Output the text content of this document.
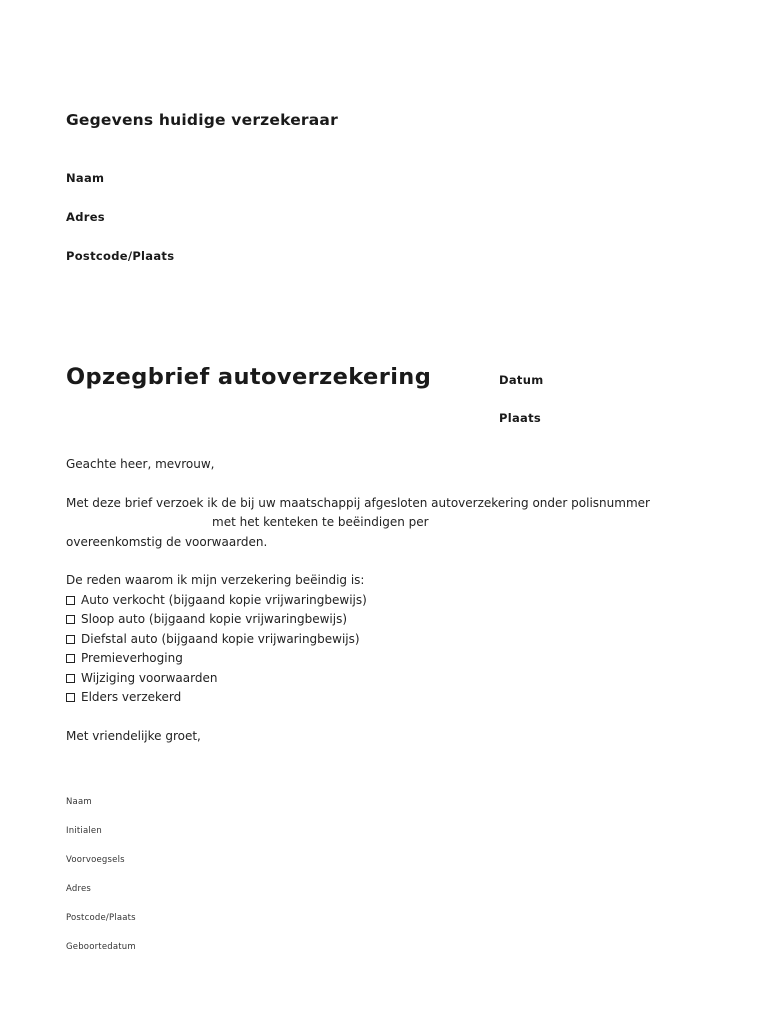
Gegevens huidige verzekeraar
Naam
Adres
Postcode/Plaats
Opzegbrief autoverzekering	Datum
Plaats
Geachte heer, mevrouw,
Met deze brief verzoek ik de bij uw maatschappij afgesloten autoverzekering onder polisnummer
met het kenteken te beëindigen per
overeenkomstig de voorwaarden.
De reden waarom ik mijn verzekering beëindig is:
Auto verkocht (bijgaand kopie vrijwaringbewijs)
Sloop auto (bijgaand kopie vrijwaringbewijs)
Diefstal auto (bijgaand kopie vrijwaringbewijs)
Premieverhoging
Wijziging voorwaarden
Elders verzekerd
Met vriendelijke groet,
Naam
Initialen
Voorvoegsels
Adres
Postcode/Plaats
Geboortedatum
